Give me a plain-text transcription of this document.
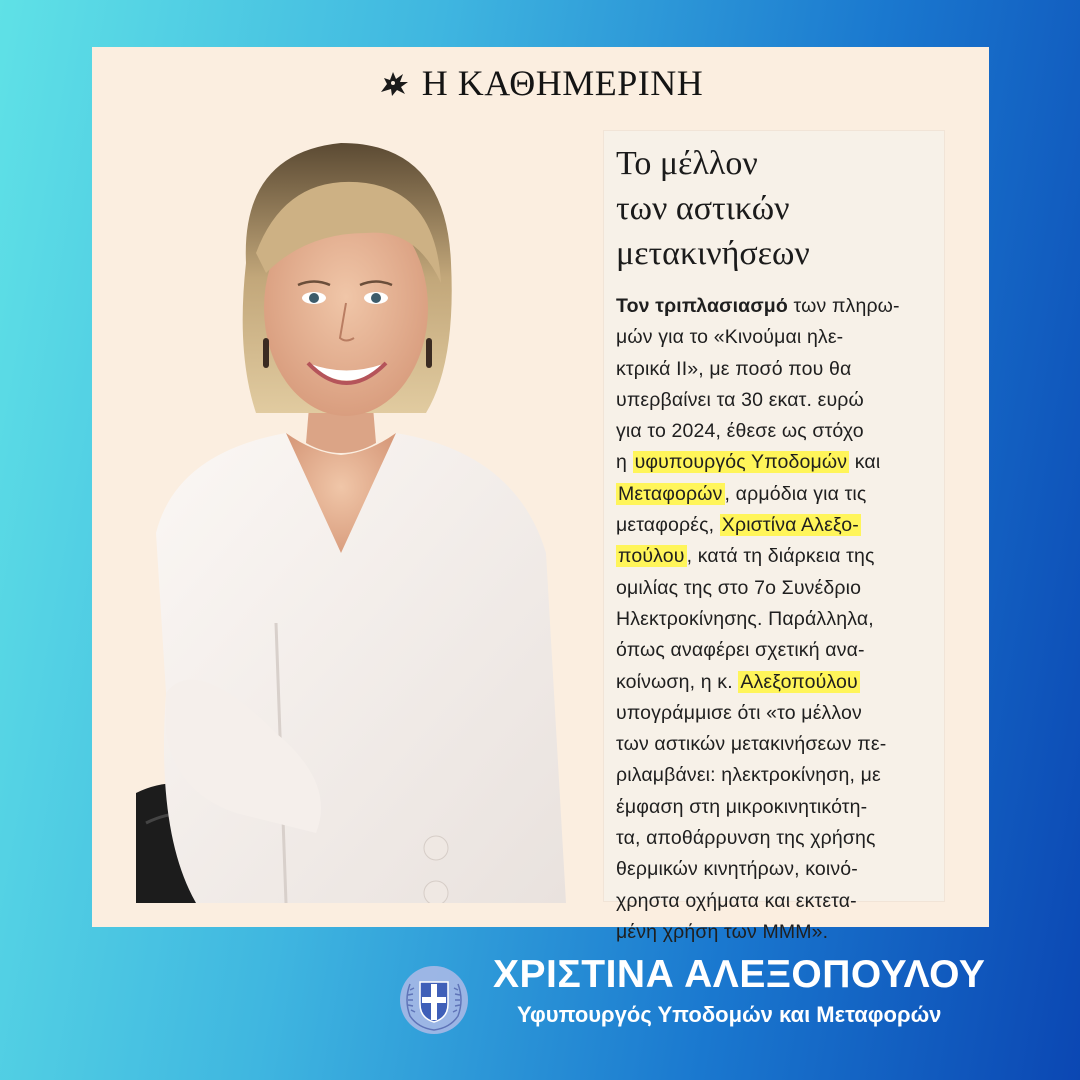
Η ΚΑΘΗΜΕΡΙΝΗ
Το μέλλον
των αστικών
μετακινήσεων
Τον τριπλασιασμό των πληρω-
μών για το «Κινούμαι ηλε-
κτρικά ΙΙ», με ποσό που θα
υπερβαίνει τα 30 εκατ. ευρώ
για το 2024, έθεσε ως στόχο
η υφυπουργός Υποδομών και
Μεταφορών , αρμόδια για τις
μεταφορές, Χριστίνα Αλεξο-
πούλου , κατά τη διάρκεια της
ομιλίας της στο 7ο Συνέδριο
Ηλεκτροκίνησης. Παράλληλα,
όπως αναφέρει σχετική ανα-
κοίνωση, η κ. Αλεξοπούλου
υπογράμμισε ότι «το μέλλον
των αστικών μετακινήσεων πε-
ριλαμβάνει: ηλεκτροκίνηση, με
έμφαση στη μικροκινητικότη-
τα, αποθάρρυνση της χρήσης
θερμικών κινητήρων, κοινό-
χρηστα οχήματα και εκτετα-
μένη χρήση των ΜΜΜ».
ΧΡΙΣΤΙΝΑ ΑΛΕΞΟΠΟΥΛΟΥ
Υφυπουργός Υποδομών και Μεταφορών
